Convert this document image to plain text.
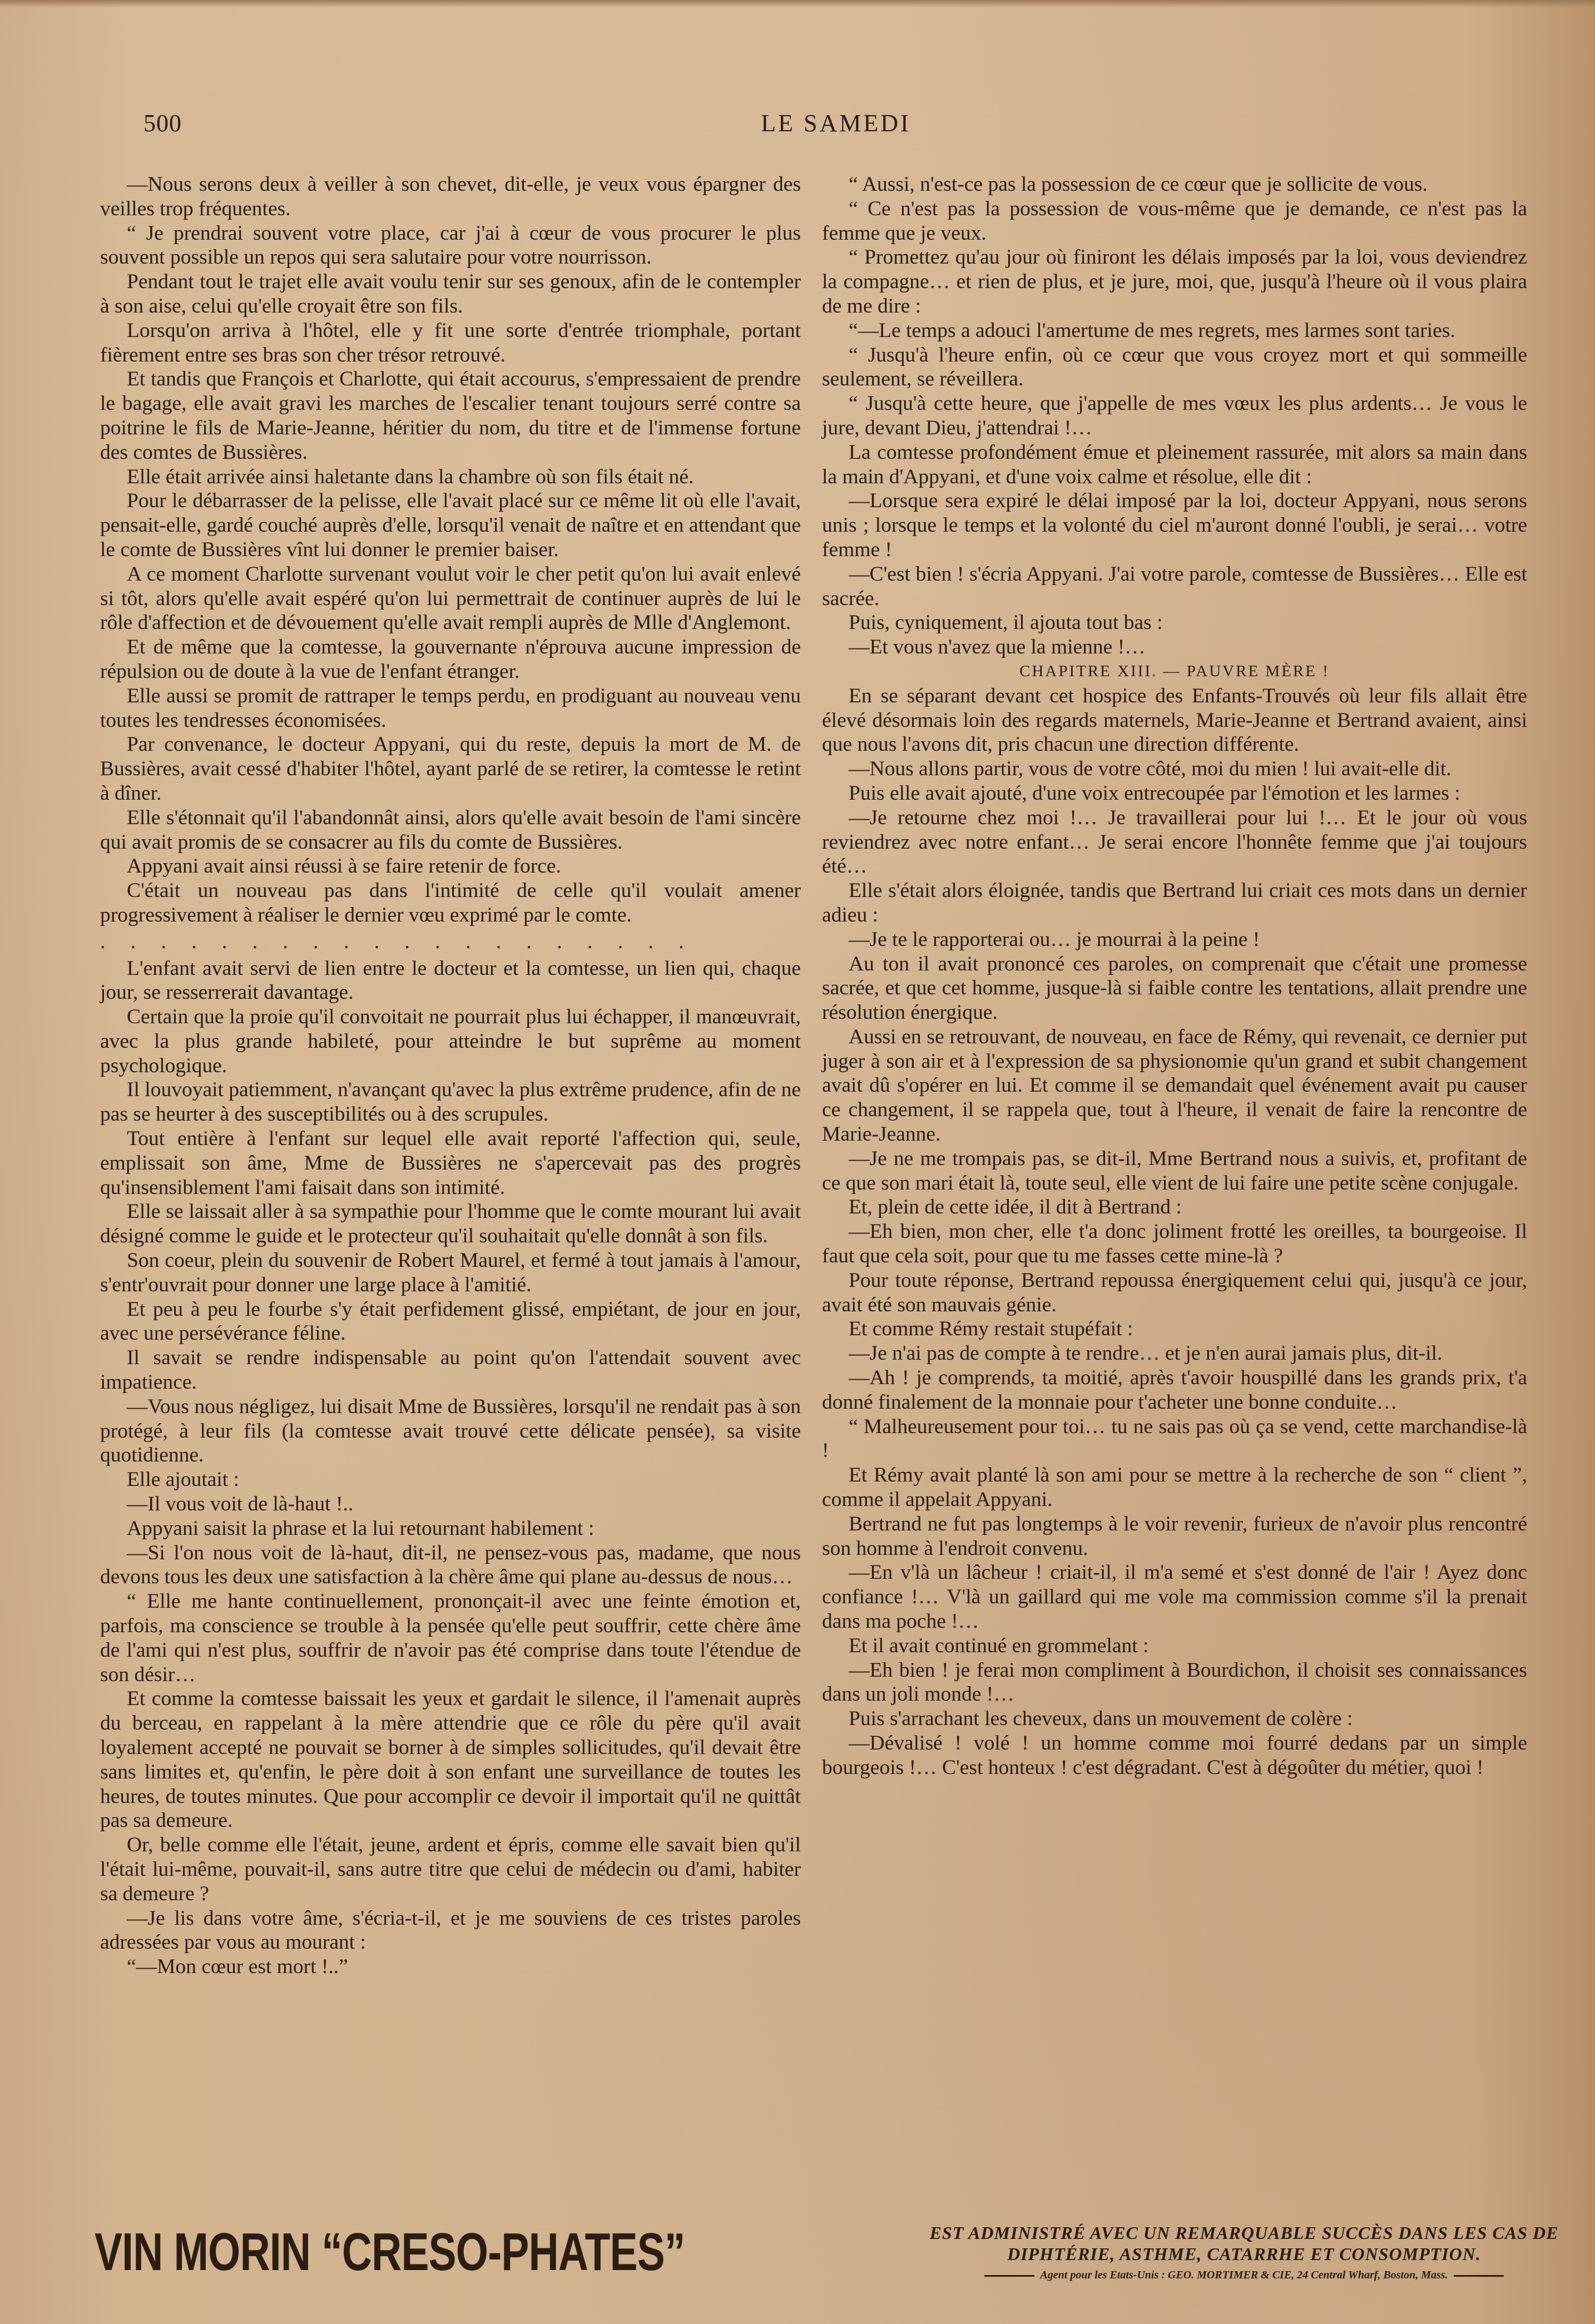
LE SAMEDI
500

—Nous serons deux à veiller à son chevet, dit-elle, je veux vous épargner des veilles trop fréquentes.

“ Je prendrai souvent votre place, car j'ai à cœur de vous procurer le plus souvent possible un repos qui sera salutaire pour votre nourrisson.

Pendant tout le trajet elle avait voulu tenir sur ses genoux, afin de le contempler à son aise, celui qu'elle croyait être son fils.

Lorsqu'on arriva à l'hôtel, elle y fit une sorte d'entrée triomphale, portant fièrement entre ses bras son cher trésor retrouvé.

Et tandis que François et Charlotte, qui était accourus, s'empressaient de prendre le bagage, elle avait gravi les marches de l'escalier tenant toujours serré contre sa poitrine le fils de Marie-Jeanne, héritier du nom, du titre et de l'immense fortune des comtes de Bussières.

Elle était arrivée ainsi haletante dans la chambre où son fils était né.

Pour le débarrasser de la pelisse, elle l'avait placé sur ce même lit où elle l'avait, pensait-elle, gardé couché auprès d'elle, lorsqu'il venait de naître et en attendant que le comte de Bussières vînt lui donner le premier baiser.

A ce moment Charlotte survenant voulut voir le cher petit qu'on lui avait enlevé si tôt, alors qu'elle avait espéré qu'on lui permettrait de continuer auprès de lui le rôle d'affection et de dévouement qu'elle avait rempli auprès de Mlle d'Anglemont.

Et de même que la comtesse, la gouvernante n'éprouva aucune impression de répulsion ou de doute à la vue de l'enfant étranger.

Elle aussi se promit de rattraper le temps perdu, en prodiguant au nouveau venu toutes les tendresses économisées.

Par convenance, le docteur Appyani, qui du reste, depuis la mort de M. de Bussières, avait cessé d'habiter l'hôtel, ayant parlé de se retirer, la comtesse le retint à dîner.

Elle s'étonnait qu'il l'abandonnât ainsi, alors qu'elle avait besoin de l'ami sincère qui avait promis de se consacrer au fils du comte de Bussières.

Appyani avait ainsi réussi à se faire retenir de force.

C'était un nouveau pas dans l'intimité de celle qu'il voulait amener progressivement à réaliser le dernier vœu exprimé par le comte.

. . . . . . . . . . . . . . . . . . . .

L'enfant avait servi de lien entre le docteur et la comtesse, un lien qui, chaque jour, se resserrerait davantage.

Certain que la proie qu'il convoitait ne pourrait plus lui échapper, il manœuvrait, avec la plus grande habileté, pour atteindre le but suprême au moment psychologique.

Il louvoyait patiemment, n'avançant qu'avec la plus extrême prudence, afin de ne pas se heurter à des susceptibilités ou à des scrupules.

Tout entière à l'enfant sur lequel elle avait reporté l'affection qui, seule, emplissait son âme, Mme de Bussières ne s'apercevait pas des progrès qu'insensiblement l'ami faisait dans son intimité.

Elle se laissait aller à sa sympathie pour l'homme que le comte mourant lui avait désigné comme le guide et le protecteur qu'il souhaitait qu'elle donnât à son fils.

Son coeur, plein du souvenir de Robert Maurel, et fermé à tout jamais à l'amour, s'entr'ouvrait pour donner une large place à l'amitié.

Et peu à peu le fourbe s'y était perfidement glissé, empiétant, de jour en jour, avec une persévérance féline.

Il savait se rendre indispensable au point qu'on l'attendait souvent avec impatience.

—Vous nous négligez, lui disait Mme de Bussières, lorsqu'il ne rendait pas à son protégé, à leur fils (la comtesse avait trouvé cette délicate pensée), sa visite quotidienne.

Elle ajoutait :

—Il vous voit de là-haut !..

Appyani saisit la phrase et la lui retournant habilement :

—Si l'on nous voit de là-haut, dit-il, ne pensez-vous pas, madame, que nous devons tous les deux une satisfaction à la chère âme qui plane au-dessus de nous…

“ Elle me hante continuellement, prononçait-il avec une feinte émotion et, parfois, ma conscience se trouble à la pensée qu'elle peut souffrir, cette chère âme de l'ami qui n'est plus, souffrir de n'avoir pas été comprise dans toute l'étendue de son désir…

Et comme la comtesse baissait les yeux et gardait le silence, il l'amenait auprès du berceau, en rappelant à la mère attendrie que ce rôle du père qu'il avait loyalement accepté ne pouvait se borner à de simples sollicitudes, qu'il devait être sans limites et, qu'enfin, le père doit à son enfant une surveillance de toutes les heures, de toutes minutes. Que pour accomplir ce devoir il importait qu'il ne quittât pas sa demeure.

Or, belle comme elle l'était, jeune, ardent et épris, comme elle savait bien qu'il l'était lui-même, pouvait-il, sans autre titre que celui de médecin ou d'ami, habiter sa demeure ?

—Je lis dans votre âme, s'écria-t-il, et je me souviens de ces tristes paroles adressées par vous au mourant :

“—Mon cœur est mort !..”

“ Aussi, n'est-ce pas la possession de ce cœur que je sollicite de vous.

“ Ce n'est pas la possession de vous-même que je demande, ce n'est pas la femme que je veux.

“ Promettez qu'au jour où finiront les délais imposés par la loi, vous deviendrez la compagne… et rien de plus, et je jure, moi, que, jusqu'à l'heure où il vous plaira de me dire :

“—Le temps a adouci l'amertume de mes regrets, mes larmes sont taries.

“ Jusqu'à l'heure enfin, où ce cœur que vous croyez mort et qui sommeille seulement, se réveillera.

“ Jusqu'à cette heure, que j'appelle de mes vœux les plus ardents… Je vous le jure, devant Dieu, j'attendrai !…

La comtesse profondément émue et pleinement rassurée, mit alors sa main dans la main d'Appyani, et d'une voix calme et résolue, elle dit :

—Lorsque sera expiré le délai imposé par la loi, docteur Appyani, nous serons unis ; lorsque le temps et la volonté du ciel m'auront donné l'oubli, je serai… votre femme !

—C'est bien ! s'écria Appyani. J'ai votre parole, comtesse de Bussières… Elle est sacrée.

Puis, cyniquement, il ajouta tout bas :

—Et vous n'avez que la mienne !…

CHAPITRE XIII. — PAUVRE MÈRE !

En se séparant devant cet hospice des Enfants-Trouvés où leur fils allait être élevé désormais loin des regards maternels, Marie-Jeanne et Bertrand avaient, ainsi que nous l'avons dit, pris chacun une direction différente.

—Nous allons partir, vous de votre côté, moi du mien ! lui avait-elle dit.

Puis elle avait ajouté, d'une voix entrecoupée par l'émotion et les larmes :

—Je retourne chez moi !… Je travaillerai pour lui !… Et le jour où vous reviendrez avec notre enfant… Je serai encore l'honnête femme que j'ai toujours été…

Elle s'était alors éloignée, tandis que Bertrand lui criait ces mots dans un dernier adieu :

—Je te le rapporterai ou… je mourrai à la peine !

Au ton il avait prononcé ces paroles, on comprenait que c'était une promesse sacrée, et que cet homme, jusque-là si faible contre les tentations, allait prendre une résolution énergique.

Aussi en se retrouvant, de nouveau, en face de Rémy, qui revenait, ce dernier put juger à son air et à l'expression de sa physionomie qu'un grand et subit changement avait dû s'opérer en lui. Et comme il se demandait quel événement avait pu causer ce changement, il se rappela que, tout à l'heure, il venait de faire la rencontre de Marie-Jeanne.

—Je ne me trompais pas, se dit-il, Mme Bertrand nous a suivis, et, profitant de ce que son mari était là, toute seul, elle vient de lui faire une petite scène conjugale.

Et, plein de cette idée, il dit à Bertrand :

—Eh bien, mon cher, elle t'a donc joliment frotté les oreilles, ta bourgeoise. Il faut que cela soit, pour que tu me fasses cette mine-là ?

Pour toute réponse, Bertrand repoussa énergiquement celui qui, jusqu'à ce jour, avait été son mauvais génie.

Et comme Rémy restait stupéfait :

—Je n'ai pas de compte à te rendre… et je n'en aurai jamais plus, dit-il.

—Ah ! je comprends, ta moitié, après t'avoir houspillé dans les grands prix, t'a donné finalement de la monnaie pour t'acheter une bonne conduite…

“ Malheureusement pour toi… tu ne sais pas où ça se vend, cette marchandise-là !

Et Rémy avait planté là son ami pour se mettre à la recherche de son “ client ”, comme il appelait Appyani.

Bertrand ne fut pas longtemps à le voir revenir, furieux de n'avoir plus rencontré son homme à l'endroit convenu.

—En v'là un lâcheur ! criait-il, il m'a semé et s'est donné de l'air ! Ayez donc confiance !… V'là un gaillard qui me vole ma commission comme s'il la prenait dans ma poche !…

Et il avait continué en grommelant :

—Eh bien ! je ferai mon compliment à Bourdichon, il choisit ses connaissances dans un joli monde !…

Puis s'arrachant les cheveux, dans un mouvement de colère :

—Dévalisé ! volé ! un homme comme moi fourré dedans par un simple bourgeois !… C'est honteux ! c'est dégradant. C'est à dégoûter du métier, quoi !

VIN MORIN “CRESO-PHATES”	EST ADMINISTRÉ AVEC UN REMARQUABLE SUCCÈS DANS LES CAS DE DIPHTÉRIE, ASTHME, CATARRHE ET CONSOMPTION.
Agent pour les Etats-Unis : GEO. MORTIMER & CIE, 24 Central Wharf, Boston, Mass.
